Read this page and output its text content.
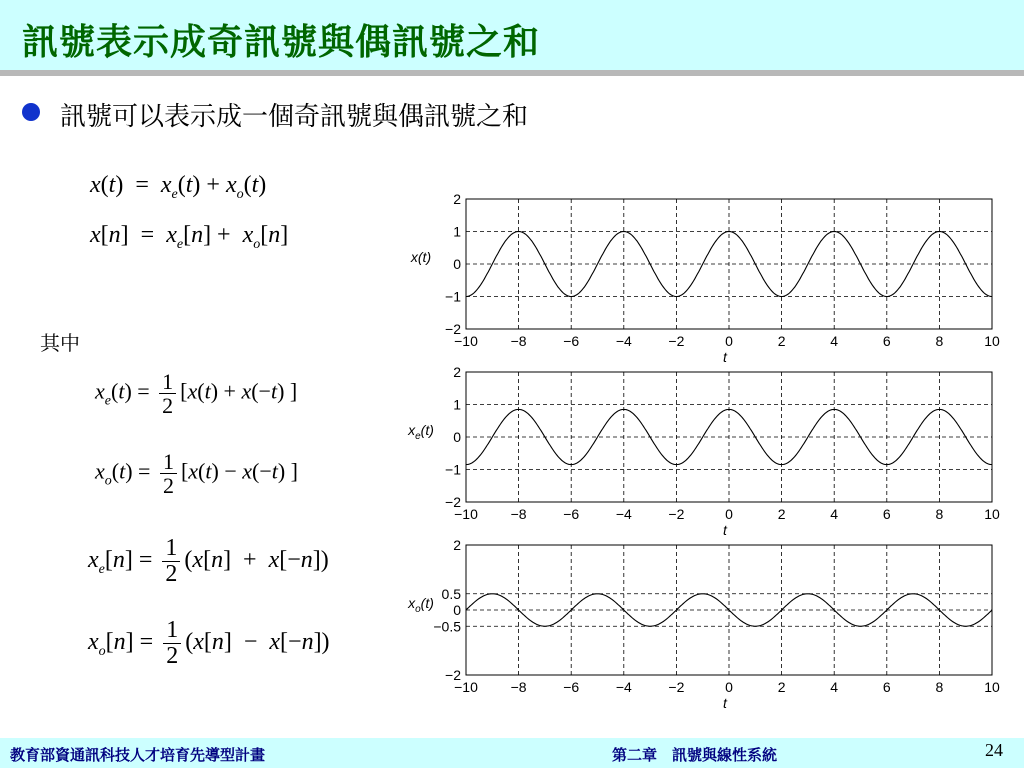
訊號表示成奇訊號與偶訊號之和
訊號可以表示成一個奇訊號與偶訊號之和
$x(t) = x_e(t) + x_o(t)$
$x[n] = x_e[n] + x_o[n]$
其中
$x_e(t) = \frac{1}{2} [x(t) + x(-t)$ ]
$x_o(t) = \frac{1}{2} [x(t) - x(-t)$ ]
$x_e[n] = \frac{1}{2} (x[n] + x[-n])$
$x_o[n] = \frac{1}{2} (x[n] - x[-n])$
−10 −8	−6	−4	−2	0	2	4	6	8	10
−2
−1
0
1
2
t
x(t)
−10 −8	−6	−4	−2	0	2	4	6	8	10
−2
−1
0
1
2
t
$x_e(t)$
−10 −8	−6	−4	−2	0	2	4	6	8	10
−2
−0.5
0
0.5
2
t
$x_o(t)$
教育部資通訊科技人才培育先導型計畫	第二章　訊號與線性系統	24
